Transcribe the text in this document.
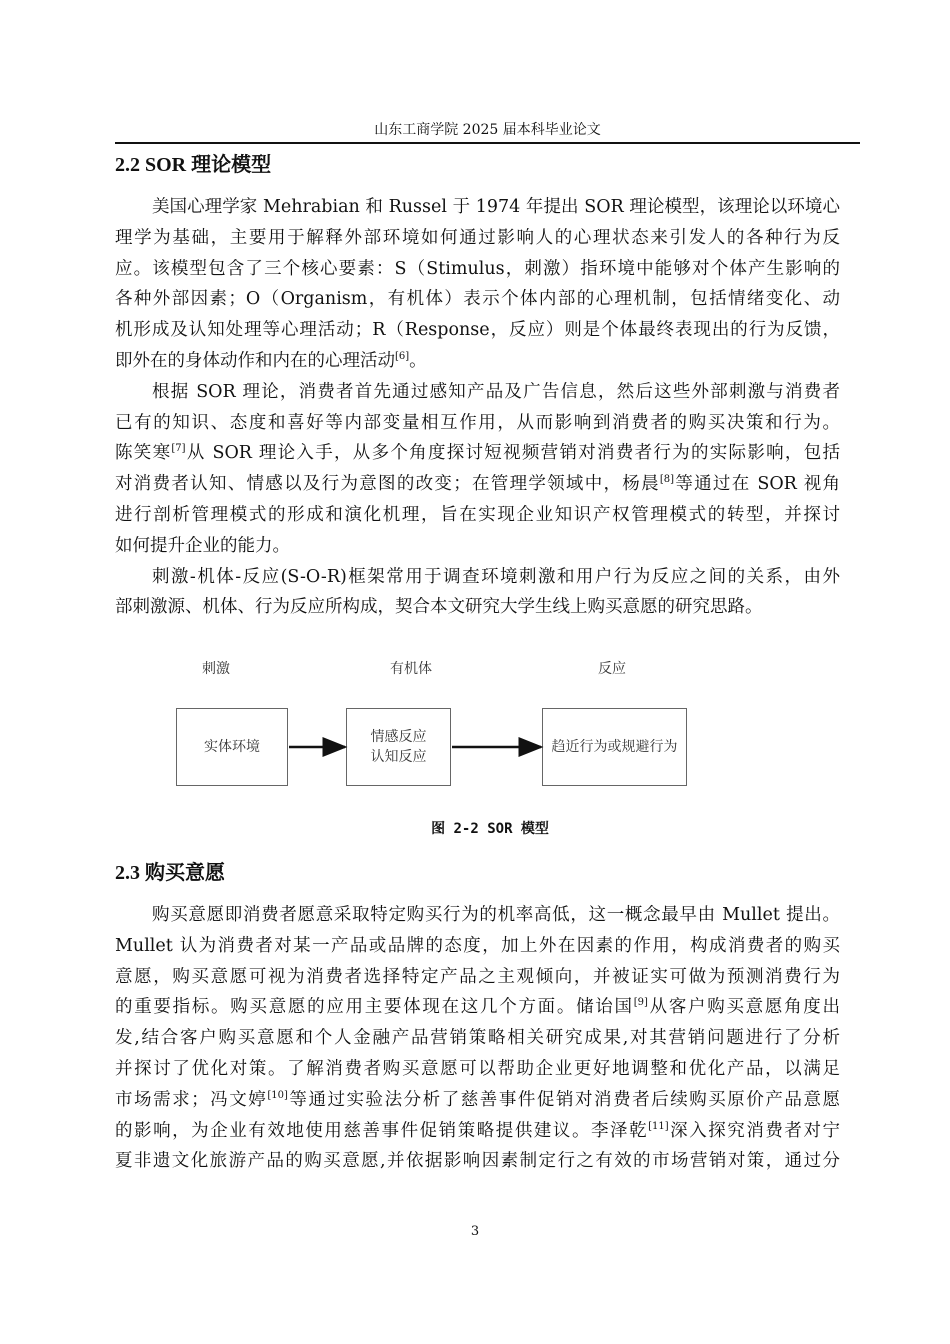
山东工商学院 2025 届本科毕业论文
2.2 SOR 理论模型
美国心理学家 Mehrabian 和 Russel 于 1974 年提出 SOR 理论模型，该理论以环境心
理学为基础，主要用于解释外部环境如何通过影响人的心理状态来引发人的各种行为反
应。该模型包含了三个核心要素：S（Stimulus，刺激）指环境中能够对个体产生影响的
各种外部因素；O（Organism，有机体）表示个体内部的心理机制，包括情绪变化、动
机形成及认知处理等心理活动；R（Response，反应）则是个体最终表现出的行为反馈，
即外在的身体动作和内在的心理活动[6]。
根据 SOR 理论，消费者首先通过感知产品及广告信息，然后这些外部刺激与消费者
已有的知识、态度和喜好等内部变量相互作用，从而影响到消费者的购买决策和行为。
陈笑寒[7]从 SOR 理论入手，从多个角度探讨短视频营销对消费者行为的实际影响，包括
对消费者认知、情感以及行为意图的改变；在管理学领域中，杨晨[8]等通过在 SOR 视角
进行剖析管理模式的形成和演化机理，旨在实现企业知识产权管理模式的转型，并探讨
如何提升企业的能力。
刺激-机体-反应(S-O-R)框架常用于调查环境刺激和用户行为反应之间的关系，由外
部刺激源、机体、行为反应所构成，契合本文研究大学生线上购买意愿的研究思路。
刺激	有机体	反应
实体环境
情感反应
认知反应
趋近行为或规避行为
图 2-2 SOR 模型
2.3 购买意愿
购买意愿即消费者愿意采取特定购买行为的机率高低，这一概念最早由 Mullet 提出。
Mullet 认为消费者对某一产品或品牌的态度，加上外在因素的作用，构成消费者的购买
意愿，购买意愿可视为消费者选择特定产品之主观倾向，并被证实可做为预测消费行为
的重要指标。购买意愿的应用主要体现在这几个方面。储诒国[9]从客户购买意愿角度出
发,结合客户购买意愿和个人金融产品营销策略相关研究成果,对其营销问题进行了分析
并探讨了优化对策。了解消费者购买意愿可以帮助企业更好地调整和优化产品，以满足
市场需求；冯文婷[10]等通过实验法分析了慈善事件促销对消费者后续购买原价产品意愿
的影响，为企业有效地使用慈善事件促销策略提供建议。李泽乾[11]深入探究消费者对宁
夏非遗文化旅游产品的购买意愿,并依据影响因素制定行之有效的市场营销对策，通过分
3
